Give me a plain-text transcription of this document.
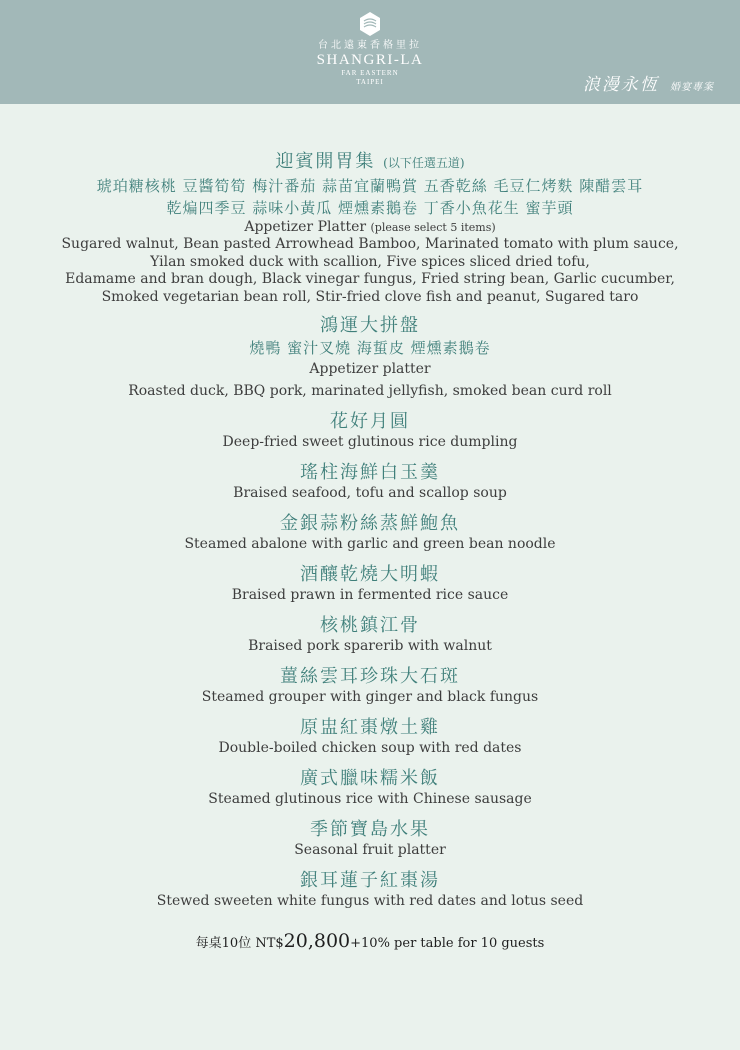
台北遠東香格里拉
SHANGRI-LA
FAR EASTERN
TAIPEI	浪漫永恆 婚宴專案
迎賓開胃集 (以下任選五道)
琥珀糖核桃 豆醬筍筍 梅汁番茄 蒜苗宜蘭鴨賞 五香乾絲 毛豆仁烤麩 陳醋雲耳
乾煸四季豆 蒜味小黃瓜 煙燻素鵝卷 丁香小魚花生 蜜芋頭
Appetizer Platter (please select 5 items)
Sugared walnut, Bean pasted Arrowhead Bamboo, Marinated tomato with plum sauce,
Yilan smoked duck with scallion, Five spices sliced dried tofu,
Edamame and bran dough, Black vinegar fungus, Fried string bean, Garlic cucumber,
Smoked vegetarian bean roll, Stir-fried clove fish and peanut, Sugared taro
鴻運大拼盤
燒鴨 蜜汁叉燒 海蜇皮 煙燻素鵝卷
Appetizer platter
Roasted duck, BBQ pork, marinated jellyfish, smoked bean curd roll
花好月圓
Deep-fried sweet glutinous rice dumpling
瑤柱海鮮白玉羹
Braised seafood, tofu and scallop soup
金銀蒜粉絲蒸鮮鮑魚
Steamed abalone with garlic and green bean noodle
酒釀乾燒大明蝦
Braised prawn in fermented rice sauce
核桃鎮江骨
Braised pork sparerib with walnut
薑絲雲耳珍珠大石斑
Steamed grouper with ginger and black fungus
原盅紅棗燉土雞
Double-boiled chicken soup with red dates
廣式臘味糯米飯
Steamed glutinous rice with Chinese sausage
季節寶島水果
Seasonal fruit platter
銀耳蓮子紅棗湯
Stewed sweeten white fungus with red dates and lotus seed
每桌10位 NT$20,800+10% per table for 10 guests
